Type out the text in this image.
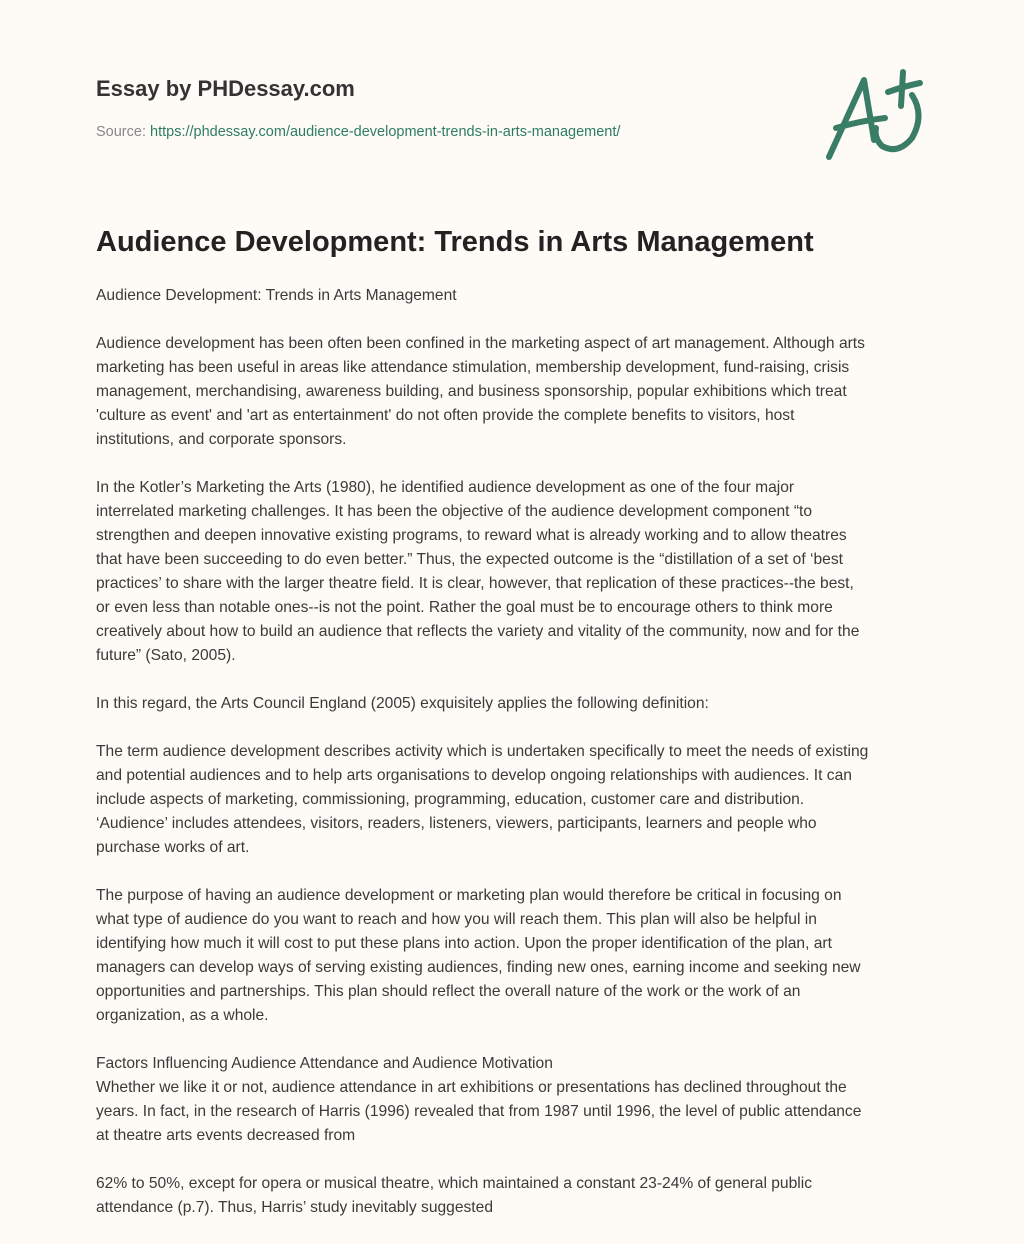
Essay by PHDessay.com
Source: https://phdessay.com/audience-development-trends-in-arts-management/
Audience Development: Trends in Arts Management
Audience Development: Trends in Arts Management
Audience development has been often been confined in the marketing aspect of art management. Although arts
marketing has been useful in areas like attendance stimulation, membership development, fund-raising, crisis
management, merchandising, awareness building, and business sponsorship, popular exhibitions which treat
'culture as event' and 'art as entertainment' do not often provide the complete benefits to visitors, host
institutions, and corporate sponsors.
In the Kotler’s Marketing the Arts (1980), he identified audience development as one of the four major
interrelated marketing challenges. It has been the objective of the audience development component “to
strengthen and deepen innovative existing programs, to reward what is already working and to allow theatres
that have been succeeding to do even better.” Thus, the expected outcome is the “distillation of a set of ‘best
practices’ to share with the larger theatre field. It is clear, however, that replication of these practices--the best,
or even less than notable ones--is not the point. Rather the goal must be to encourage others to think more
creatively about how to build an audience that reflects the variety and vitality of the community, now and for the
future” (Sato, 2005).
In this regard, the Arts Council England (2005) exquisitely applies the following definition:
The term audience development describes activity which is undertaken specifically to meet the needs of existing
and potential audiences and to help arts organisations to develop ongoing relationships with audiences. It can
include aspects of marketing, commissioning, programming, education, customer care and distribution.
‘Audience’ includes attendees, visitors, readers, listeners, viewers, participants, learners and people who
purchase works of art.
The purpose of having an audience development or marketing plan would therefore be critical in focusing on
what type of audience do you want to reach and how you will reach them. This plan will also be helpful in
identifying how much it will cost to put these plans into action. Upon the proper identification of the plan, art
managers can develop ways of serving existing audiences, finding new ones, earning income and seeking new
opportunities and partnerships. This plan should reflect the overall nature of the work or the work of an
organization, as a whole.
Factors Influencing Audience Attendance and Audience Motivation
Whether we like it or not, audience attendance in art exhibitions or presentations has declined throughout the
years. In fact, in the research of Harris (1996) revealed that from 1987 until 1996, the level of public attendance
at theatre arts events decreased from
62% to 50%, except for opera or musical theatre, which maintained a constant 23-24% of general public
attendance (p.7). Thus, Harris’ study inevitably suggested
